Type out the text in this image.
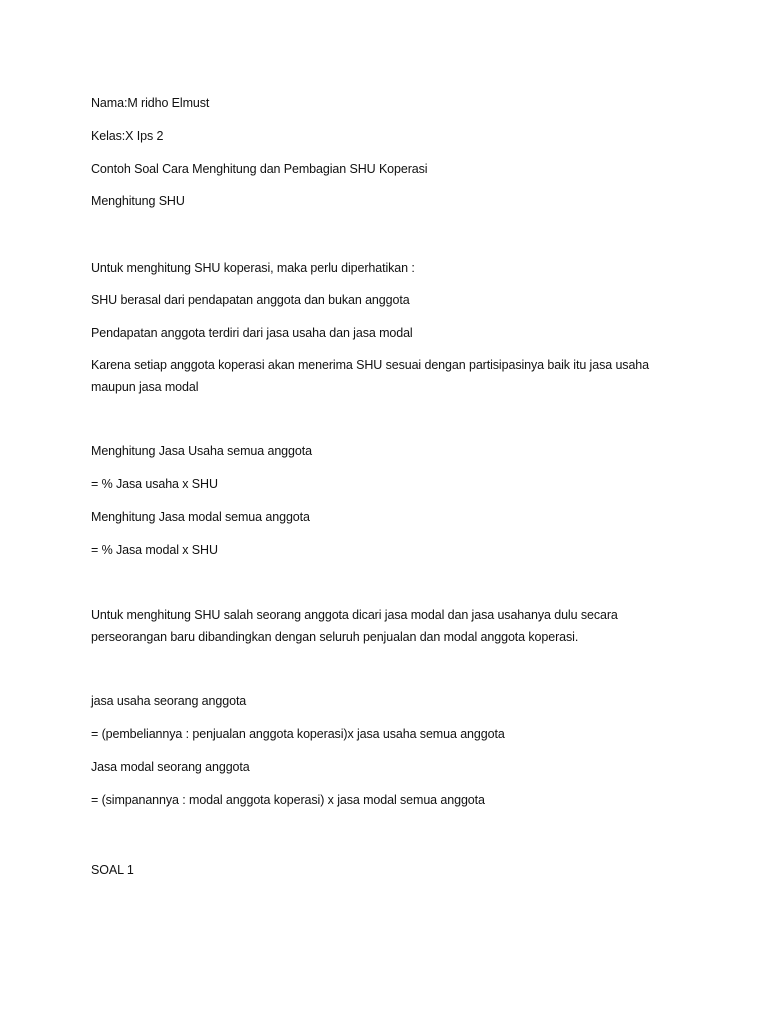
Nama:M ridho Elmust
Kelas:X Ips 2
Contoh Soal Cara Menghitung dan Pembagian SHU Koperasi
Menghitung SHU
Untuk menghitung SHU koperasi, maka perlu diperhatikan :
SHU berasal dari pendapatan anggota dan bukan anggota
Pendapatan anggota terdiri dari jasa usaha dan jasa modal
Karena setiap anggota koperasi akan menerima SHU sesuai dengan partisipasinya baik itu jasa usaha
maupun jasa modal
Menghitung Jasa Usaha semua anggota
= % Jasa usaha x SHU
Menghitung Jasa modal semua anggota
= % Jasa modal x SHU
Untuk menghitung SHU salah seorang anggota dicari jasa modal dan jasa usahanya dulu secara
perseorangan baru dibandingkan dengan seluruh penjualan dan modal anggota koperasi.
jasa usaha seorang anggota
= (pembeliannya : penjualan anggota koperasi)x jasa usaha semua anggota
Jasa modal seorang anggota
= (simpanannya : modal anggota koperasi) x jasa modal semua anggota
SOAL 1
